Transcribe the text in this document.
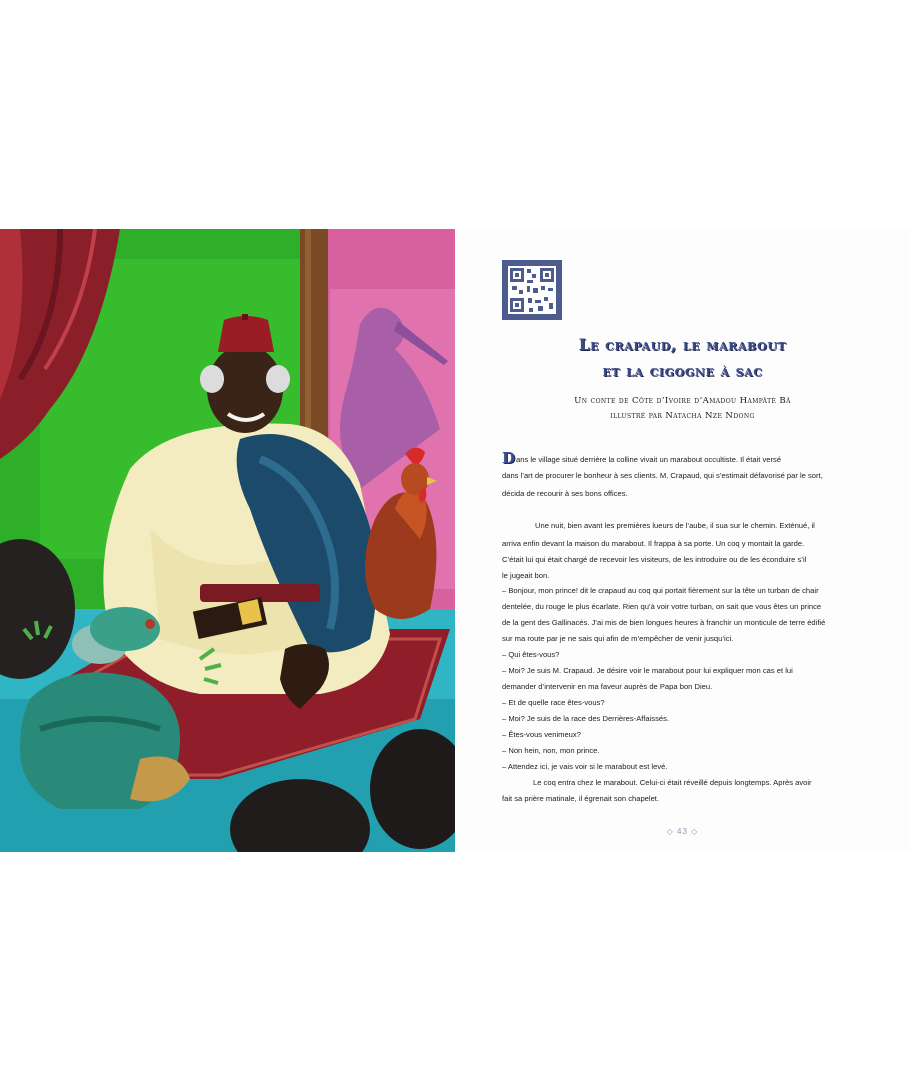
Le crapaud, le marabout
et la cigogne à sac
Un conte de Côte d’Ivoire d’Amadou Hampâté Bâ
illustré par Natacha Nze Ndong
Dans le village situé derrière la colline vivait un marabout occultiste. Il était versé
dans l’art de procurer le bonheur à ses clients. M. Crapaud, qui s’estimait défavorisé par le sort,
décida de recourir à ses bons offices.
Une nuit, bien avant les premières lueurs de l’aube, il sua sur le chemin. Exténué, il
arriva enfin devant la maison du marabout. Il frappa à sa porte. Un coq y montait la garde.
C’était lui qui était chargé de recevoir les visiteurs, de les introduire ou de les éconduire s’il
le jugeait bon.
– Bonjour, mon prince! dit le crapaud au coq qui portait fièrement sur la tête un turban de chair
dentelée, du rouge le plus écarlate. Rien qu’à voir votre turban, on sait que vous êtes un prince
de la gent des Gallinacés. J’ai mis de bien longues heures à franchir un monticule de terre édifié
sur ma route par je ne sais qui afin de m’empêcher de venir jusqu’ici.
– Qui êtes-vous?
– Moi? Je suis M. Crapaud. Je désire voir le marabout pour lui expliquer mon cas et lui
demander d’intervenir en ma faveur auprès de Papa bon Dieu.
– Et de quelle race êtes-vous?
– Moi? Je suis de la race des Derrières-Affaissés.
– Êtes-vous venimeux?
– Non hein, non, mon prince.
– Attendez ici, je vais voir si le marabout est levé.
Le coq entra chez le marabout. Celui-ci était réveillé depuis longtemps. Après avoir
fait sa prière matinale, il égrenait son chapelet.
◇ 43 ◇
